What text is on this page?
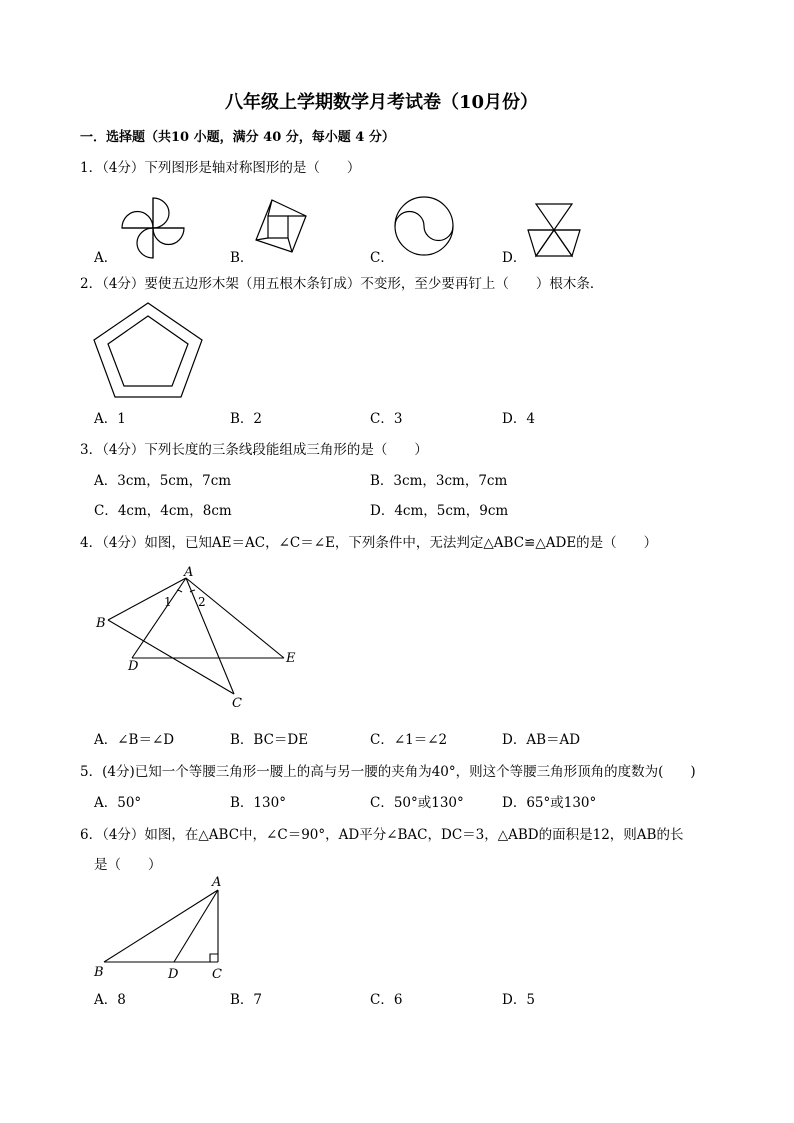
八年级上学期数学月考试卷（10月份）
一．选择题（共10 小题，满分 40 分，每小题 4 分）
1．（4分）下列图形是轴对称图形的是（　　）
A．	B．	C．	D．
2．（4分）要使五边形木架（用五根木条钉成）不变形，至少要再钉上（　　）根木条．
A．1	B．2	C．3	D．4
3．（4分）下列长度的三条线段能组成三角形的是（　　）
A．3cm，5cm，7cm	B．3cm，3cm，7cm
C．4cm，4cm，8cm	D．4cm，5cm，9cm
4．（4分）如图，已知AE＝AC，∠C＝∠E，下列条件中，无法判定△ABC≌△ADE的是（　　）
A
B
D
E
C
1 2
A．∠B＝∠D	B．BC＝DE	C．∠1＝∠2	D．AB＝AD
5．(4分)已知一个等腰三角形一腰上的高与另一腰的夹角为40°，则这个等腰三角形顶角的度数为(　　)
A．50°	B．130°	C．50°或130°	D．65°或130°
6．（4分）如图，在△ABC中，∠C＝90°，AD平分∠BAC，DC＝3，△ABD的面积是12，则AB的长
是（　　）
A
B	D	C
A．8	B．7	C．6	D．5
